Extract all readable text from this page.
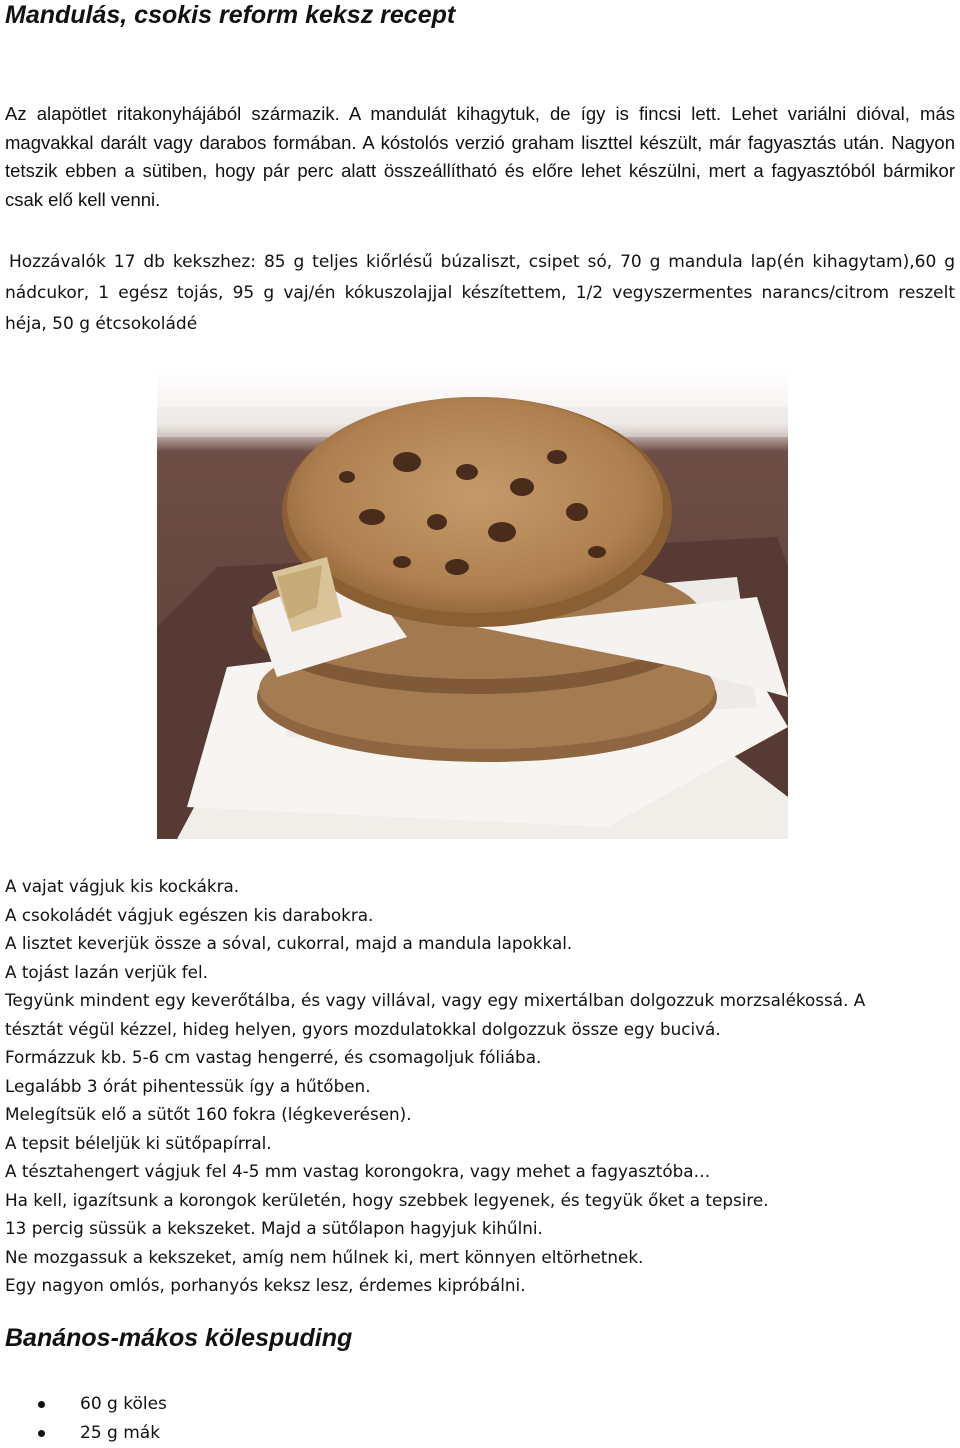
Mandulás, csokis reform keksz recept

Az alapötlet ritakonyhájából származik. A mandulát kihagytuk, de így is fincsi lett. Lehet variálni dióval, más magvakkal darált vagy darabos formában. A kóstolós verzió graham liszttel készült, már fagyasztás után. Nagyon tetszik ebben a sütiben, hogy pár perc alatt összeállítható és előre lehet készülni, mert a fagyasztóból bármikor csak elő kell venni.

Hozzávalók 17 db kekszhez: 85 g teljes kiőrlésű búzaliszt, csipet só, 70 g mandula lap(én kihagytam),60 g nádcukor, 1 egész tojás, 95 g vaj/én kókuszolajjal készítettem, 1/2 vegyszermentes narancs/citrom reszelt héja, 50 g étcsokoládé

A vajat vágjuk kis kockákra.
A csokoládét vágjuk egészen kis darabokra.
A lisztet keverjük össze a sóval, cukorral, majd a mandula lapokkal.
A tojást lazán verjük fel.
Tegyünk mindent egy keverőtálba, és vagy villával, vagy egy mixertálban dolgozzuk morzsalékossá. A
tésztát végül kézzel, hideg helyen, gyors mozdulatokkal dolgozzuk össze egy bucivá.
Formázzuk kb. 5-6 cm vastag hengerré, és csomagoljuk fóliába.
Legalább 3 órát pihentessük így a hűtőben.
Melegítsük elő a sütőt 160 fokra (légkeverésen).
A tepsit béleljük ki sütőpapírral.
A tésztahengert vágjuk fel 4-5 mm vastag korongokra, vagy mehet a fagyasztóba…
Ha kell, igazítsunk a korongok kerületén, hogy szebbek legyenek, és tegyük őket a tepsire.
13 percig süssük a kekszeket. Majd a sütőlapon hagyjuk kihűlni.
Ne mozgassuk a kekszeket, amíg nem hűlnek ki, mert könnyen eltörhetnek.
Egy nagyon omlós, porhanyós keksz lesz, érdemes kipróbálni.
Banános-mákos kölespuding
60 g köles
25 g mák
